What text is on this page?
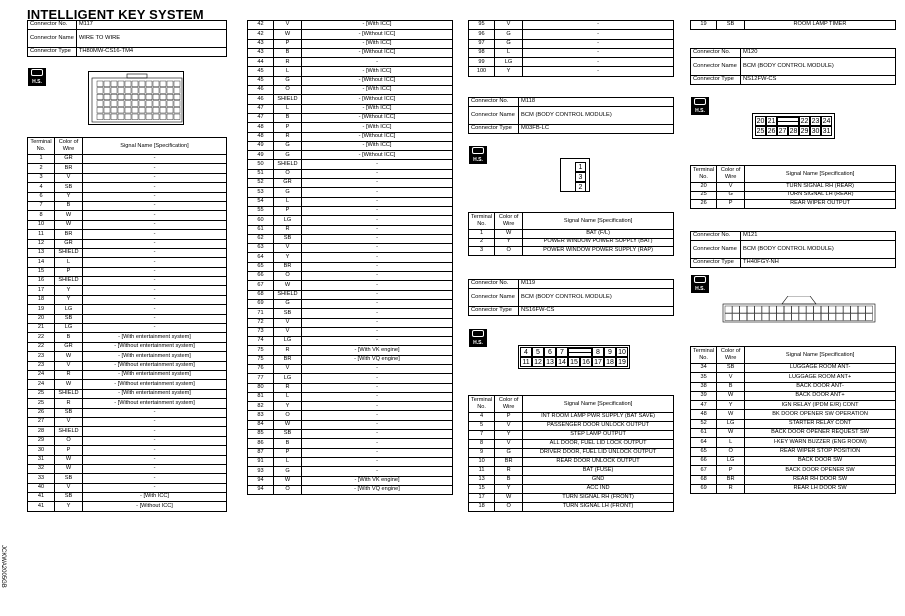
INTELLIGENT KEY SYSTEM
JCKWA2005GB
Connector No.	M117
Connector Name	WIRE TO WIRE
Connector Type	TH80MW-CS16-TM4
H.S.
Terminal No.	Color of Wire	Signal Name [Specification]
1	GR	-
2	BR	-
3	V	-
4	SB	-
6	Y	-
7	B	-
8	W	-
10	W	-
11	BR	-
12	GR	-
13	SHIELD	-
14	L	-
15	P	-
16	SHIELD	-
17	Y	-
18	Y	-
19	LG	-
20	SB	-
21	LG	-
22	B	- [With entertainment system]
22	GR	- [Without entertainment system]
23	W	- [With entertainment system]
23	V	- [Without entertainment system]
24	R	- [With entertainment system]
24	W	- [Without entertainment system]
25	SHIELD	- [With entertainment system]
25	R	- [Without entertainment system]
26	SB	-
27	V	-
28	SHIELD	-
29	O	-
30	P	-
31	W	-
32	W	-
33	SB	-
40	V	-
41	SB	- [With ICC]
41	Y	- [Without ICC]
42	V	- [With ICC]
42	W	- [Without ICC]
43	P	- [With ICC]
43	B	- [Without ICC]
44	R	-
45	L	- [With ICC]
45	G	- [Without ICC]
46	O	- [With ICC]
46	SHIELD	- [Without ICC]
47	L	- [With ICC]
47	B	- [Without ICC]
48	P	- [With ICC]
48	R	- [Without ICC]
49	G	- [With ICC]
49	G	- [Without ICC]
50	SHIELD	-
51	O	-
52	GR	-
53	G	-
54	L	-
55	P	-
60	LG	-
61	R	-
62	SB	-
63	V	-
64	Y	-
65	BR	-
66	O	-
67	W	-
68	SHIELD	-
69	G	-
71	SB	-
72	V	-
73	V	-
74	LG	-
75	R	- [With VK engine]
75	BR	- [With VQ engine]
76	V	-
77	LG	-
80	R	-
81	L	-
82	Y	-
83	O	-
84	W	-
85	SB	-
86	B	-
87	P	-
91	L	-
93	G	-
94	W	- [With VK engine]
94	O	- [With VQ engine]
95	V	-
96	G	-
97	G	-
98	L	-
99	LG	-
100	Y	-
Connector No.	M118
Connector Name	BCM (BODY CONTROL MODULE)
Connector Type	M03FB-LC
H.S.
1
3
2
Terminal No.	Color of Wire	Signal Name [Specification]
1	W	BAT (F/L)
2	Y	POWER WINDOW POWER SUPPLY (BAT)
3	O	POWER WINDOW POWER SUPPLY (RAP)
Connector No.	M119
Connector Name	BCM (BODY CONTROL MODULE)
Connector Type	NS16FW-CS
H.S.
4	5	6	7	8	9 10
11 12 13 14 15 16 17 18 19
Terminal No.	Color of Wire	Signal Name [Specification]
4	P	INT ROOM LAMP PWR SUPPLY (BAT SAVE)
5	V	PASSENGER DOOR UNLOCK OUTPUT
7	Y	STEP LAMP OUTPUT
8	V	ALL DOOR, FUEL LID LOCK OUTPUT
9	G	DRIVER DOOR, FUEL LID UNLOCK OUTPUT
10	BR	REAR DOOR UNLOCK OUTPUT
11	R	BAT (FUSE)
13	B	GND
15	Y	ACC IND
17	W	TURN SIGNAL RH (FRONT)
18	O	TURN SIGNAL LH (FRONT)
19	SB	ROOM LAMP TIMER
Connector No.	M120
Connector Name	BCM (BODY CONTROL MODULE)
Connector Type	NS12FW-CS
H.S.
20 21	22 23 24
25 26 27 28 29 30 31
Terminal No.	Color of Wire	Signal Name [Specification]
20	V	TURN SIGNAL RH (REAR)
25	G	TURN SIGNAL LH (REAR)
26	P	REAR WIPER OUTPUT
Connector No.	M121
Connector Name	BCM (BODY CONTROL MODULE)
Connector Type	TH40FGY-NH
H.S.
Terminal No.	Color of Wire	Signal Name [Specification]
34	SB	LUGGAGE ROOM ANT-
35	V	LUGGAGE ROOM ANT+
38	B	BACK DOOR ANT-
39	W	BACK DOOR ANT+
47	Y	IGN RELAY (IPDM E/R) CONT
48	W	BK DOOR OPENER SW OPERATION
52	LG	STARTER RELAY CONT
61	W	BACK DOOR OPENER REQUEST SW
64	L	I-KEY WARN BUZZER (ENG ROOM)
65	O	REAR WIPER STOP POSITION
66	LG	BACK DOOR SW
67	P	BACK DOOR OPENER SW
68	BR	REAR RH DOOR SW
69	R	REAR LH DOOR SW
